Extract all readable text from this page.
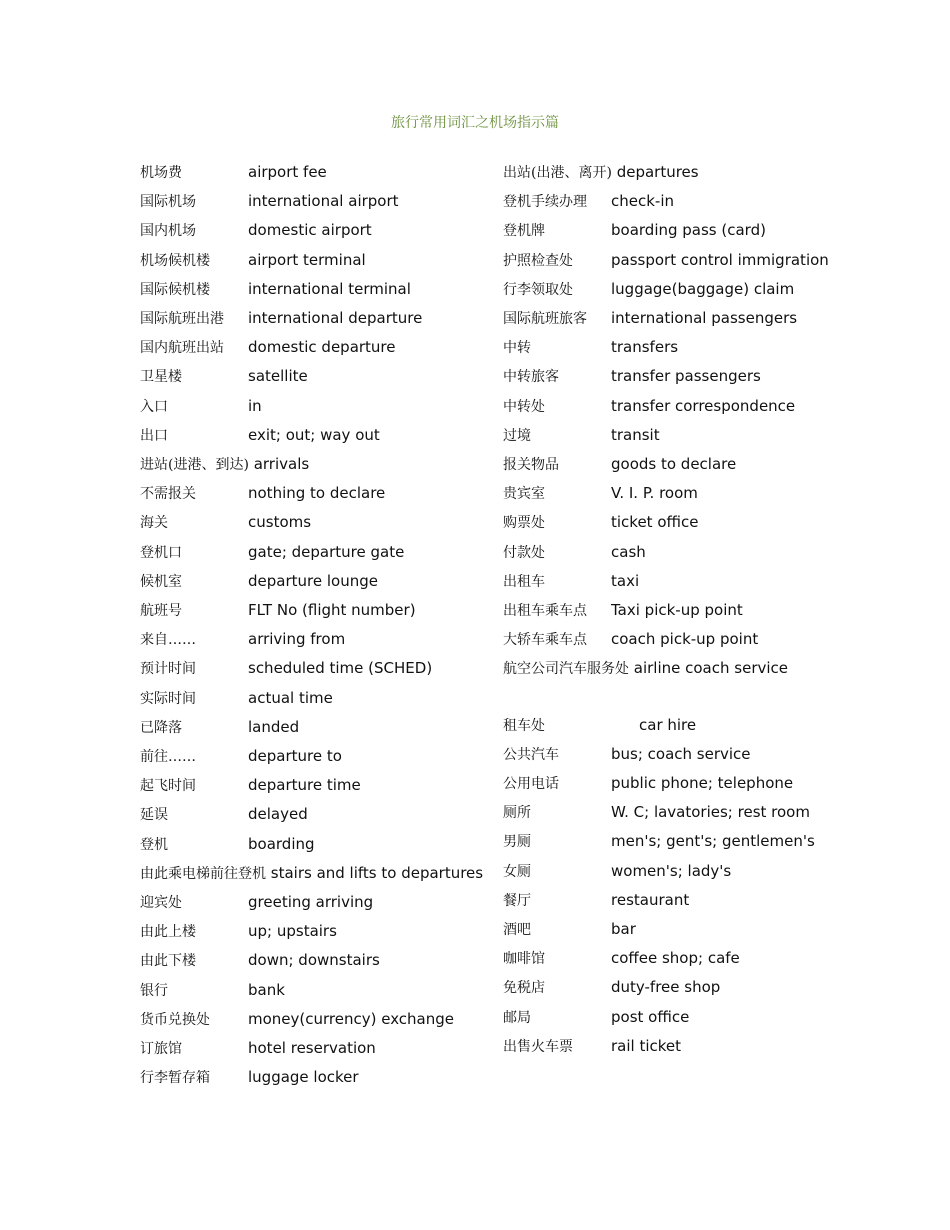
旅行常用词汇之机场指示篇
机场费	airport fee
国际机场	international airport
国内机场	domestic airport
机场候机楼	airport terminal
国际候机楼	international terminal
国际航班出港 international departure
国内航班出站 domestic departure
卫星楼	satellite
入口	in
出口	exit; out; way out
进站(进港、到达) arrivals
不需报关	nothing to declare
海关	customs
登机口	gate; departure gate
候机室	departure lounge
航班号	FLT No (flight number)
来自……	arriving from
预计时间	scheduled time (SCHED)
实际时间	actual time
已降落	landed
前往……	departure to
起飞时间	departure time
延误	delayed
登机	boarding
由此乘电梯前往登机 stairs and lifts to departures
迎宾处	greeting arriving
由此上楼	up; upstairs
由此下楼	down; downstairs
银行	bank
货币兑换处	money(currency) exchange
订旅馆	hotel reservation
行李暂存箱	luggage locker
出站(出港、离开) departures
登机手续办理 check-in
登机牌	boarding pass (card)
护照检查处	passport control immigration
行李领取处	luggage(baggage) claim
国际航班旅客 international passengers
中转	transfers
中转旅客	transfer passengers
中转处	transfer correspondence
过境	transit
报关物品	goods to declare
贵宾室	V. I. P. room
购票处	ticket office
付款处	cash
出租车	taxi
出租车乘车点 Taxi pick-up point
大轿车乘车点 coach pick-up point
航空公司汽车服务处 airline coach service
租车处	car hire
公共汽车	bus; coach service
公用电话	public phone; telephone
厕所	W. C; lavatories; rest room
男厕	men's; gent's; gentlemen's
女厕	women's; lady's
餐厅	restaurant
酒吧	bar
咖啡馆	coffee shop; cafe
免税店	duty-free shop
邮局	post office
出售火车票	rail ticket
